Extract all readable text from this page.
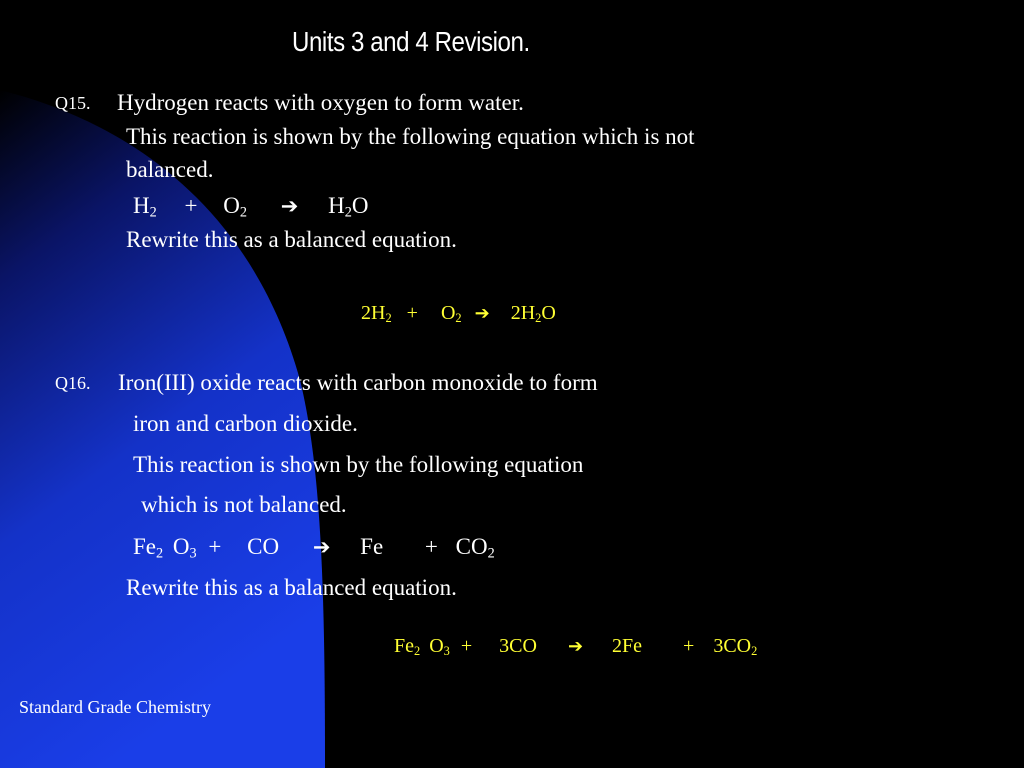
Units 3 and 4 Revision.
Q15. Hydrogen reacts with oxygen to form water.
This reaction is shown by the following equation which is not
balanced.
$H_2 + O_2$ ➔ $H_2O$
Rewrite this as a balanced equation.
$2H_2 + O_2$ ➔ $2H_2O$
Q16. Iron(III) oxide reacts with carbon monoxide to form
iron and carbon dioxide.
This reaction is shown by the following equation
which is not balanced.
$Fe_2$ $O_3$ + CO ➔ $Fe + CO_2$
Rewrite this as a balanced equation.
$Fe_2$ $O_3 + 3CO$ ➔ $2Fe + 3CO_2$
Standard Grade Chemistry
